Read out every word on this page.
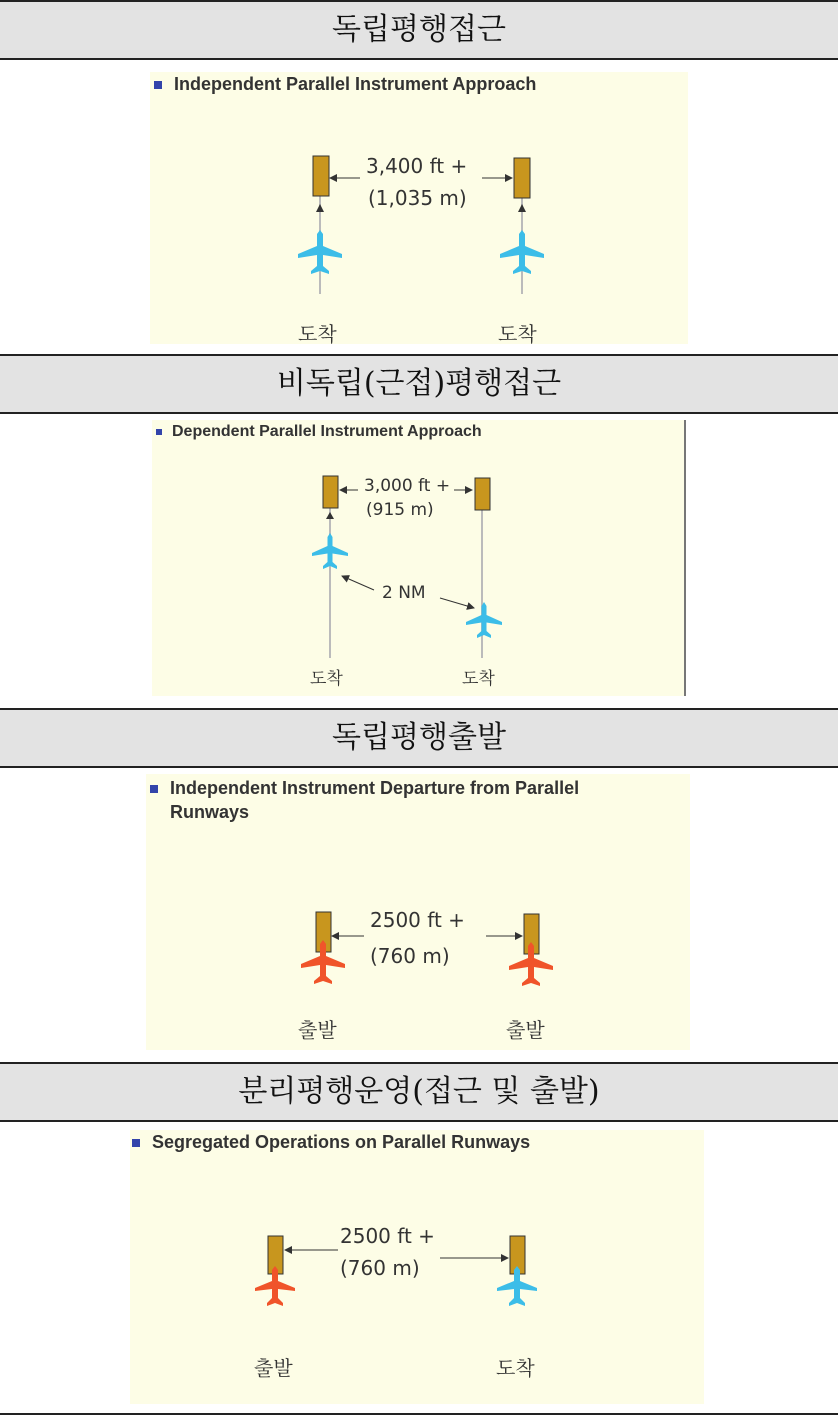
독립평행접근
Independent Parallel Instrument Approach
3,400 ft +
(1,035 m)
도착	도착
비독립(근접)평행접근
Dependent Parallel Instrument Approach
3,000 ft +
(915 m)
2 NM
도착	도착
독립평행출발
Independent Instrument Departure from Parallel
Runways
2500 ft +
(760 m)
출발	출발
분리평행운영(접근 및 출발)
Segregated Operations on Parallel Runways
2500 ft +
(760 m)
출발	도착
